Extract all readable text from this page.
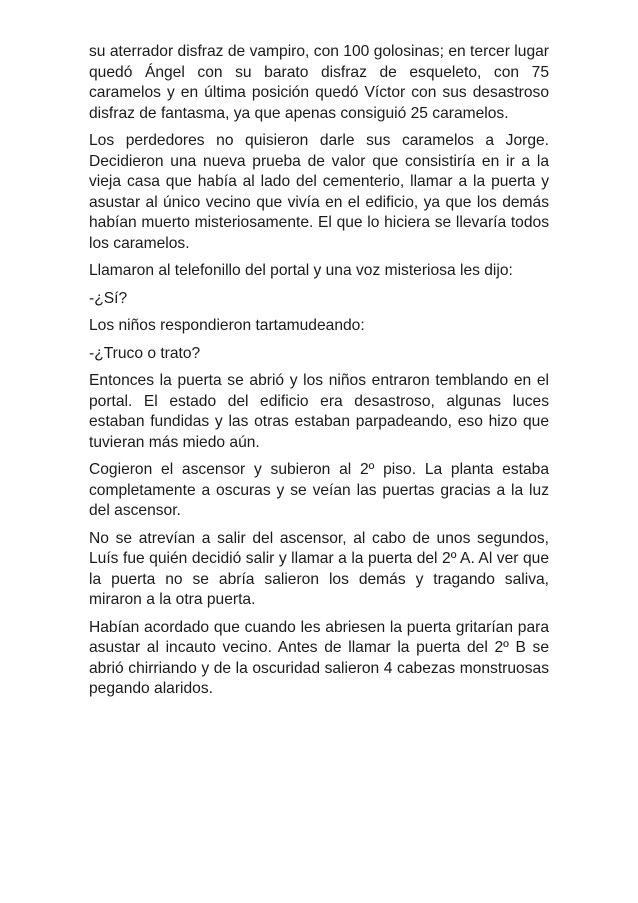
su aterrador disfraz de vampiro, con 100 golosinas; en tercer lugar quedó Ángel con su barato disfraz de esqueleto, con 75 caramelos y en última posición quedó Víctor con sus desastroso disfraz de fantasma, ya que apenas consiguió 25 caramelos.

Los perdedores no quisieron darle sus caramelos a Jorge. Decidieron una nueva prueba de valor que consistiría en ir a la vieja casa que había al lado del cementerio, llamar a la puerta y asustar al único vecino que vivía en el edificio, ya que los demás habían muerto misteriosamente. El que lo hiciera se llevaría todos los caramelos.

Llamaron al telefonillo del portal y una voz misteriosa les dijo:

-¿Sí?

Los niños respondieron tartamudeando:

-¿Truco o trato?

Entonces la puerta se abrió y los niños entraron temblando en el portal. El estado del edificio era desastroso, algunas luces estaban fundidas y las otras estaban parpadeando, eso hizo que tuvieran más miedo aún.

Cogieron el ascensor y subieron al 2º piso. La planta estaba completamente a oscuras y se veían las puertas gracias a la luz del ascensor.

No se atrevían a salir del ascensor, al cabo de unos segundos, Luís fue quién decidió salir y llamar a la puerta del 2º A. Al ver que la puerta no se abría salieron los demás y tragando saliva, miraron a la otra puerta.

Habían acordado que cuando les abriesen la puerta gritarían para asustar al incauto vecino. Antes de llamar la puerta del 2º B se abrió chirriando y de la oscuridad salieron 4 cabezas monstruosas pegando alaridos.
